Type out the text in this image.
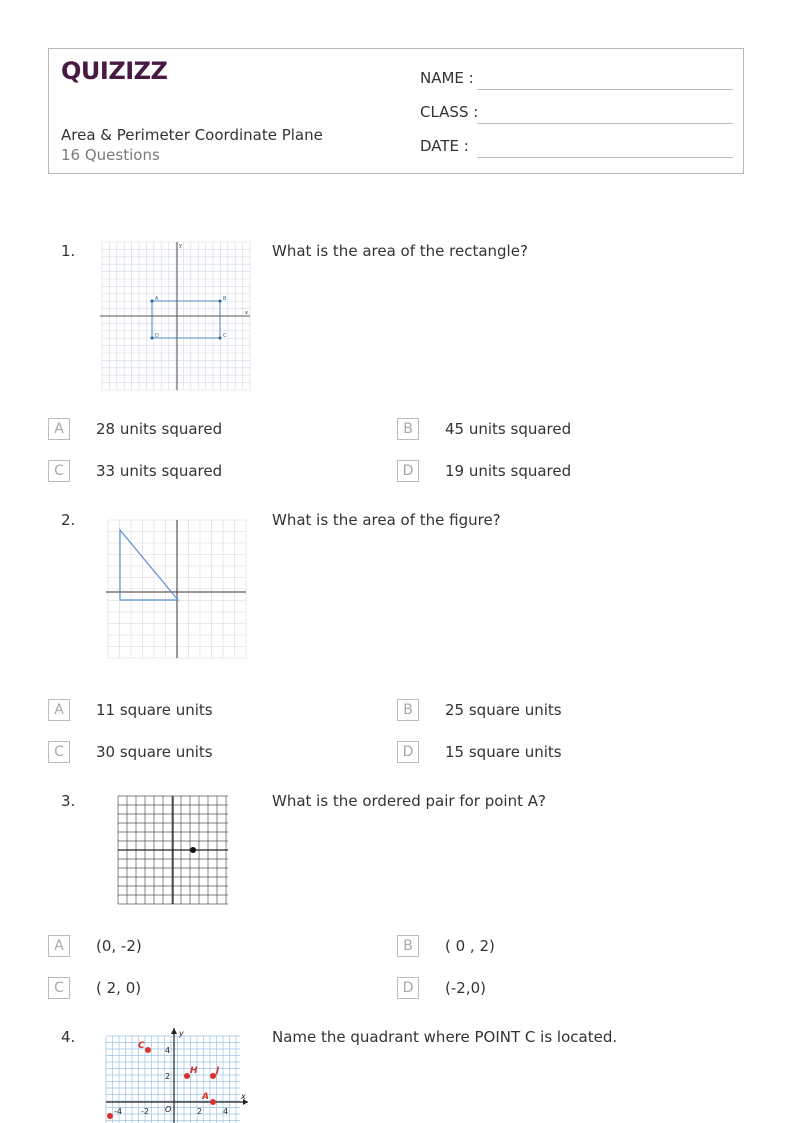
QUIZIZZ
Area & Perimeter Coordinate Plane
16 Questions
NAME :
CLASS :
DATE :
1.
A	B
C
D
x
y	What is the area of the rectangle?
A	28 units squared	B	45 units squared
C	33 units squared	D	19 units squared
2.	What is the area of the figure?
A	11 square units	B	25 square units
C	30 square units	D	15 square units
3.	What is the ordered pair for point A?
A	(0, -2)	B	( 0 , 2)
C	( 2, 0)	D	(-2,0)
4.	C
H J
A
y
x
-4 -2 O	2	4
4
2
Name the quadrant where POINT C is located.
